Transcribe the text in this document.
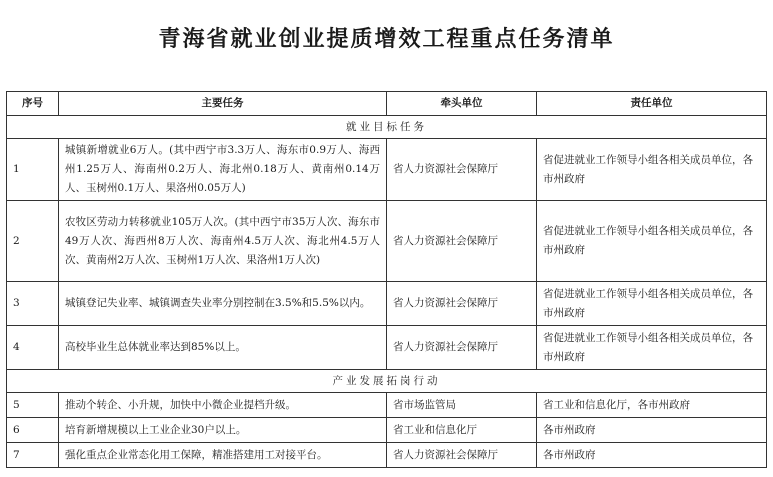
青海省就业创业提质增效工程重点任务清单
序号	主要任务	牵头单位	责任单位
就业目标任务			
1	城镇新增就业6万人。(其中西宁市3.3万人、海东市0.9万人、海西州1.25万人、海南州0.2万人、海北州0.18万人、黄南州0.14万人、玉树州0.1万人、果洛州0.05万人)	省人力资源社会保障厅	省促进就业工作领导小组各相关成员单位，各市州政府
2	农牧区劳动力转移就业105万人次。(其中西宁市35万人次、海东市49万人次、海西州8万人次、海南州4.5万人次、海北州4.5万人次、黄南州2万人次、玉树州1万人次、果洛州1万人次)	省人力资源社会保障厅	省促进就业工作领导小组各相关成员单位，各市州政府
3	城镇登记失业率、城镇调查失业率分别控制在3.5%和5.5%以内。	省人力资源社会保障厅	省促进就业工作领导小组各相关成员单位，各市州政府
4	高校毕业生总体就业率达到85%以上。	省人力资源社会保障厅	省促进就业工作领导小组各相关成员单位，各市州政府
产业发展拓岗行动			
5	推动个转企、小升规，加快中小微企业提档升级。	省市场监管局	省工业和信息化厅，各市州政府
6	培育新增规模以上工业企业30户以上。	省工业和信息化厅	各市州政府
7	强化重点企业常态化用工保障，精准搭建用工对接平台。	省人力资源社会保障厅	各市州政府
